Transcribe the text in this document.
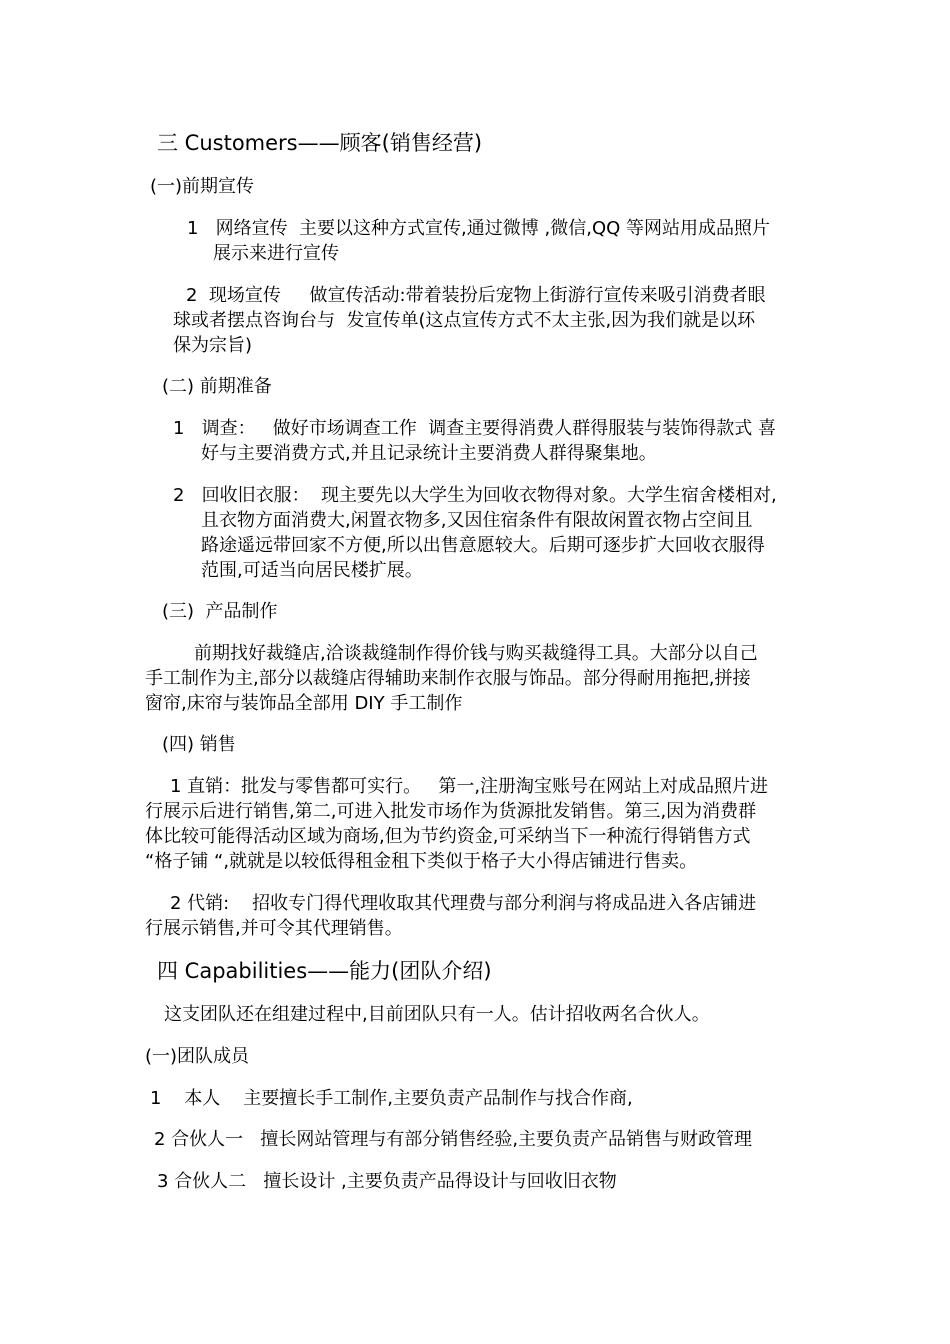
三 Customers——顾客(销售经营)
(一)前期宣传
1   网络宣传  主要以这种方式宣传,通过微博 ,微信,QQ 等网站用成品照片
展示来进行宣传
2  现场宣传     做宣传活动:带着装扮后宠物上街游行宣传来吸引消费者眼
球或者摆点咨询台与  发宣传单(这点宣传方式不太主张,因为我们就是以环
保为宗旨)
(二) 前期准备
1   调查：   做好市场调查工作  调查主要得消费人群得服装与装饰得款式 喜
好与主要消费方式,并且记录统计主要消费人群得聚集地。
2   回收旧衣服：  现主要先以大学生为回收衣物得对象。大学生宿舍楼相对,
且衣物方面消费大,闲置衣物多,又因住宿条件有限故闲置衣物占空间且
路途遥远带回家不方便,所以出售意愿较大。后期可逐步扩大回收衣服得
范围,可适当向居民楼扩展。
(三)  产品制作
前期找好裁缝店,洽谈裁缝制作得价钱与购买裁缝得工具。大部分以自己
手工制作为主,部分以裁缝店得辅助来制作衣服与饰品。部分得耐用拖把,拼接
窗帘,床帘与装饰品全部用 DIY 手工制作
(四) 销售
1 直销：批发与零售都可实行。   第一,注册淘宝账号在网站上对成品照片进
行展示后进行销售,第二,可进入批发市场作为货源批发销售。第三,因为消费群
体比较可能得活动区域为商场,但为节约资金,可采纳当下一种流行得销售方式
“格子铺 “,就就是以较低得租金租下类似于格子大小得店铺进行售卖。
2 代销:    招收专门得代理收取其代理费与部分利润与将成品进入各店铺进
行展示销售,并可令其代理销售。
四 Capabilities——能力(团队介绍)
这支团队还在组建过程中,目前团队只有一人。估计招收两名合伙人。
(一)团队成员
1    本人    主要擅长手工制作,主要负责产品制作与找合作商,
2 合伙人一   擅长网站管理与有部分销售经验,主要负责产品销售与财政管理
3 合伙人二   擅长设计 ,主要负责产品得设计与回收旧衣物
